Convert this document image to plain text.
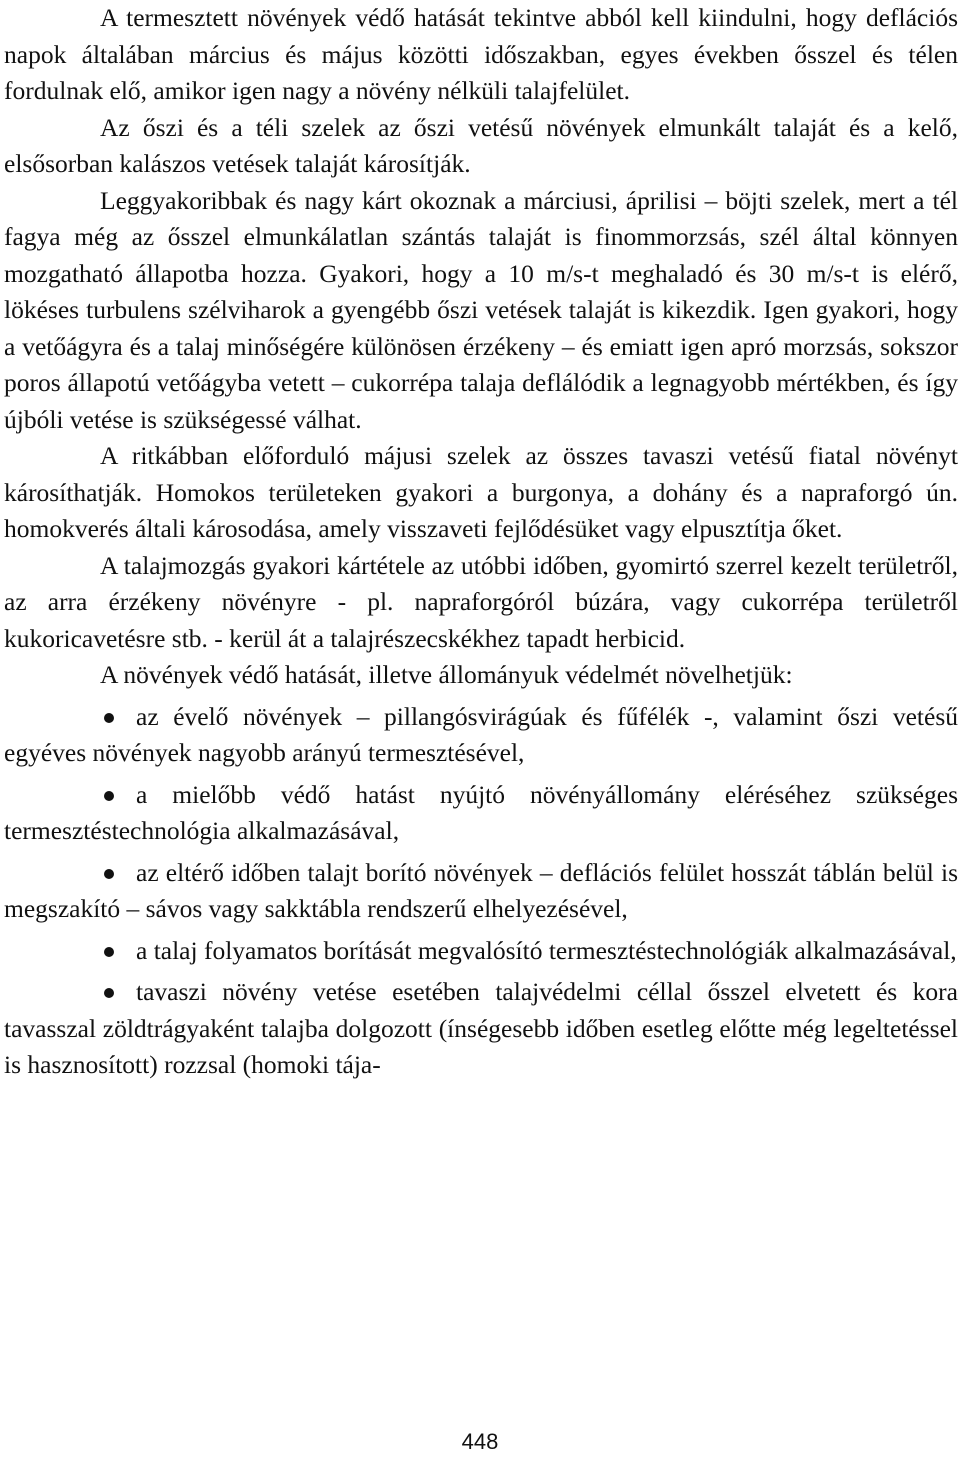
A termesztett növények védő hatását tekintve abból kell kiindulni, hogy deflációs napok általában március és május közötti időszakban, egyes években ősszel és télen fordulnak elő, amikor igen nagy a növény nélküli talajfelület.

Az őszi és a téli szelek az őszi vetésű növények elmunkált talaját és a kelő, elsősorban kalászos vetések talaját károsítják.

Leggyakoribbak és nagy kárt okoznak a márciusi, áprilisi – böjti szelek, mert a tél fagya még az ősszel elmunkálatlan szántás talaját is finommorzsás, szél által könnyen mozgatható állapotba hozza. Gyakori, hogy a 10 m/s-t meghaladó és 30 m/s-t is elérő, lökéses turbulens szélviharok a gyengébb őszi vetések talaját is kikezdik. Igen gyakori, hogy a vetőágyra és a talaj minőségére különösen érzékeny – és emiatt igen apró morzsás, sokszor poros állapotú vetőágyba vetett – cukorrépa talaja deflálódik a legnagyobb mértékben, és így újbóli vetése is szükségessé válhat.

A ritkábban előforduló májusi szelek az összes tavaszi vetésű fiatal növényt károsíthatják. Homokos területeken gyakori a burgonya, a dohány és a napraforgó ún. homokverés általi károsodása, amely visszaveti fejlődésüket vagy elpusztítja őket.

A talajmozgás gyakori kártétele az utóbbi időben, gyomirtó szerrel kezelt területről, az arra érzékeny növényre - pl. napraforgóról búzára, vagy cukorrépa területről kukoricavetésre stb. - kerül át a talajrészecskékhez tapadt herbicid.

A növények védő hatását, illetve állományuk védelmét növelhetjük:

az évelő növények – pillangósvirágúak és fűfélék -, valamint őszi vetésű egyéves növények nagyobb arányú termesztésével,
a mielőbb védő hatást nyújtó növényállomány eléréséhez szükséges termesztéstechnológia alkalmazásával,
az eltérő időben talajt borító növények – deflációs felület hosszát táblán belül is megszakító – sávos vagy sakktábla rendszerű elhelyezésével,
a talaj folyamatos borítását megvalósító termesztéstechnológiák alkalmazásával,
tavaszi növény vetése esetében talajvédelmi céllal ősszel elvetett és kora tavasszal zöldtrágyaként talajba dolgozott (ínségesebb időben esetleg előtte még legeltetéssel is hasznosított) rozzsal (homoki tája-
448
